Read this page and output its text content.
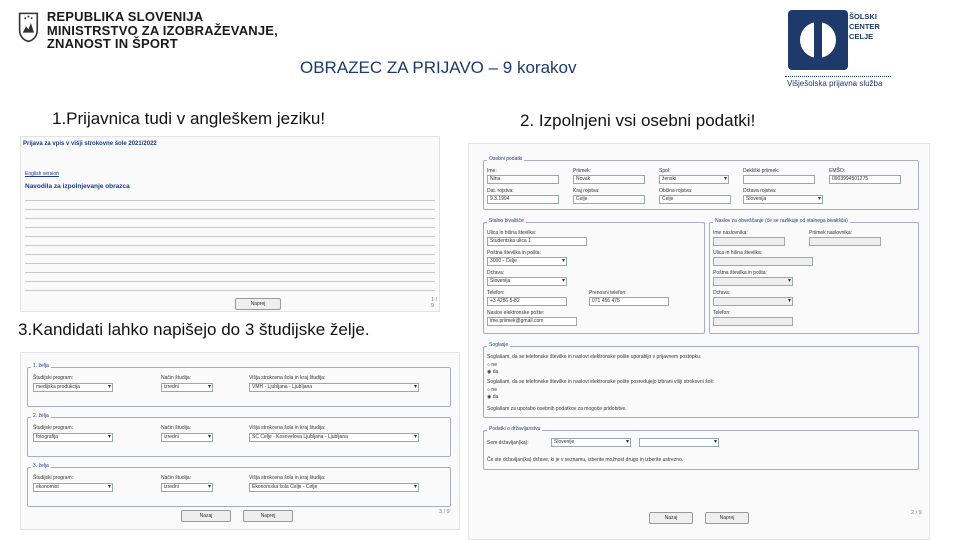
REPUBLIKA SLOVENIJA
MINISTRSTVO ZA IZOBRAŽEVANJE,
ZNANOST IN ŠPORT
OBRAZEC ZA PRIJAVO – 9 korakov
ŠOLSKI
CENTER
CELJE
Višješolska prijavna služba
1.Prijavnica tudi v angleškem jeziku!	2. Izpolnjeni vsi osebni podatki!
3.Kandidati lahko napišejo do 3 študijske želje.
Prijava za vpis v višji strokovne šole 2021/2022
English version
Navodila za izpolnjevanje obrazca
Naprej
1 / 9
1. želja
Študijski program:
medijska produkcija ▾
Način študija:
izredni ▾
Višja strokovna šola in kraj študija:
VMH - Ljubljana - Ljubljana ▾
2. želja
Študijski program:
fotografija ▾
Način študija:
izredni ▾
Višja strokovna šola in kraj študija:
ŠC Celje - Kosovelova Ljubljana - Ljubljana ▾
3. želja
Študijski program:
ekonomist ▾
Način študija:
izredni ▾
Višja strokovna šola in kraj študija:
Ekonomska šola Celje - Celje ▾
Nazaj	Naprej
3 / 9
Osebni podatki
Ime:
Nina
Priimek:
Novak
Spol:
ženski ▾
Dekliški priimek:	EMŠO:
0903994501275
Dat. rojstva:
9.3.1994
Kraj rojstva:
Celje
Občina rojstva:
Celje
Država rojstva:
Slovenija ▾
Stalno bivališče
Ulica in hišna številka:
Študentska ulica 1
Poštna številka in pošta:
3000 - Celje ▾
Država:
Slovenija ▾
Telefon:
+3 4286 5-82
Prenosni telefon:
071 456 475
Naslov elektronske pošte:
ime.priimek@gmail.com
Naslov za obveščanje (če se razlikuje od stalnega bivališča)
Ime naslovnika:	Priimek naslovnika:
Ulica in hišna številka:
Poštna številka in pošta:
▾
Država:
▾
Telefon:
Soglasje
Soglašam, da se telefonske številke in naslovi elektronske pošte uporabijo v prijavnem postopku:
○ ne
◉ da
Soglašam, da se telefonske številke in naslovi elektronske pošte posredujejo izbrani višji strokovni šoli:
○ ne
◉ da
Soglašam za uporabo osebnih podatkov za mogoče pridobitve.
Podatki o državljanstvu
Sem državljan(ka):	Slovenije ▾
▾
Če ste državljan(ka) države, ki je v seznamu, izberite možnost drugo in izberite ustrezno.
Nazaj	Naprej
2 / 9
